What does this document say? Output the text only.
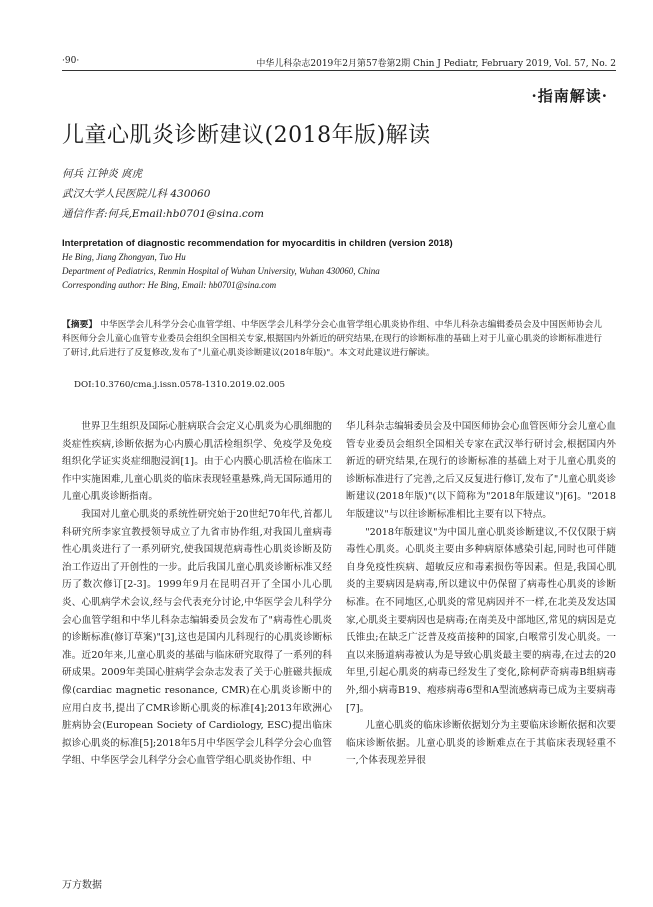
·90·	中华儿科杂志2019年2月第57卷第2期 Chin J Pediatr, February 2019, Vol. 57, No. 2
·指南解读·
儿童心肌炎诊断建议(2018年版)解读
何兵 江钟炎 庹虎
武汉大学人民医院儿科 430060
通信作者:何兵,Email:hb0701@sina.com
Interpretation of diagnostic recommendation for myocarditis in children (version 2018)
He Bing, Jiang Zhongyan, Tuo Hu
Department of Pediatrics, Renmin Hospital of Wuhan University, Wuhan 430060, China
Corresponding author: He Bing, Email: hb0701@sina.com
【摘要】 中华医学会儿科学分会心血管学组、中华医学会儿科学分会心血管学组心肌炎协作组、中华儿科杂志编辑委员会及中国医师协会儿科医师分会儿童心血管专业委员会组织全国相关专家,根据国内外新近的研究结果,在现行的诊断标准的基础上对于儿童心肌炎的诊断标准进行了研讨,此后进行了反复修改,发布了"儿童心肌炎诊断建议(2018年版)"。本文对此建议进行解读。
DOI:10.3760/cma.j.issn.0578-1310.2019.02.005

世界卫生组织及国际心脏病联合会定义心肌炎为心肌细胞的炎症性疾病,诊断依据为心内膜心肌活检组织学、免疫学及免疫组织化学证实炎症细胞浸润[1]。由于心内膜心肌活检在临床工作中实施困难,儿童心肌炎的临床表现轻重悬殊,尚无国际通用的儿童心肌炎诊断指南。

我国对儿童心肌炎的系统性研究始于20世纪70年代,首都儿科研究所李家宜教授领导成立了九省市协作组,对我国儿童病毒性心肌炎进行了一系列研究,使我国规范病毒性心肌炎诊断及防治工作迈出了开创性的一步。此后我国儿童心肌炎诊断标准又经历了数次修订[2-3]。1999年9月在昆明召开了全国小儿心肌炎、心肌病学术会议,经与会代表充分讨论,中华医学会儿科学分会心血管学组和中华儿科杂志编辑委员会发布了"病毒性心肌炎的诊断标准(修订草案)"[3],这也是国内儿科现行的心肌炎诊断标准。近20年来,儿童心肌炎的基础与临床研究取得了一系列的科研成果。2009年美国心脏病学会杂志发表了关于心脏磁共振成像(cardiac magnetic resonance, CMR)在心肌炎诊断中的应用白皮书,提出了CMR诊断心肌炎的标准[4];2013年欧洲心脏病协会(European Society of Cardiology, ESC)提出临床拟诊心肌炎的标准[5];2018年5月中华医学会儿科学分会心血管学组、中华医学会儿科学分会心血管学组心肌炎协作组、中

华儿科杂志编辑委员会及中国医师协会心血管医师分会儿童心血管专业委员会组织全国相关专家在武汉举行研讨会,根据国内外新近的研究结果,在现行的诊断标准的基础上对于儿童心肌炎的诊断标准进行了完善,之后又反复进行修订,发布了"儿童心肌炎诊断建议(2018年版)"(以下简称为"2018年版建议")[6]。"2018年版建议"与以往诊断标准相比主要有以下特点。

"2018年版建议"为中国儿童心肌炎诊断建议,不仅仅限于病毒性心肌炎。心肌炎主要由多种病原体感染引起,同时也可伴随自身免疫性疾病、超敏反应和毒素损伤等因素。但是,我国心肌炎的主要病因是病毒,所以建议中仍保留了病毒性心肌炎的诊断标准。在不同地区,心肌炎的常见病因并不一样,在北美及发达国家,心肌炎主要病因也是病毒;在南美及中部地区,常见的病因是克氏锥虫;在缺乏广泛普及疫苗接种的国家,白喉常引发心肌炎。一直以来肠道病毒被认为是导致心肌炎最主要的病毒,在过去的20年里,引起心肌炎的病毒已经发生了变化,除柯萨奇病毒B组病毒外,细小病毒B19、疱疹病毒6型和A型流感病毒已成为主要病毒[7]。

儿童心肌炎的临床诊断依据划分为主要临床诊断依据和次要临床诊断依据。儿童心肌炎的诊断难点在于其临床表现轻重不一,个体表现差异很

万方数据
